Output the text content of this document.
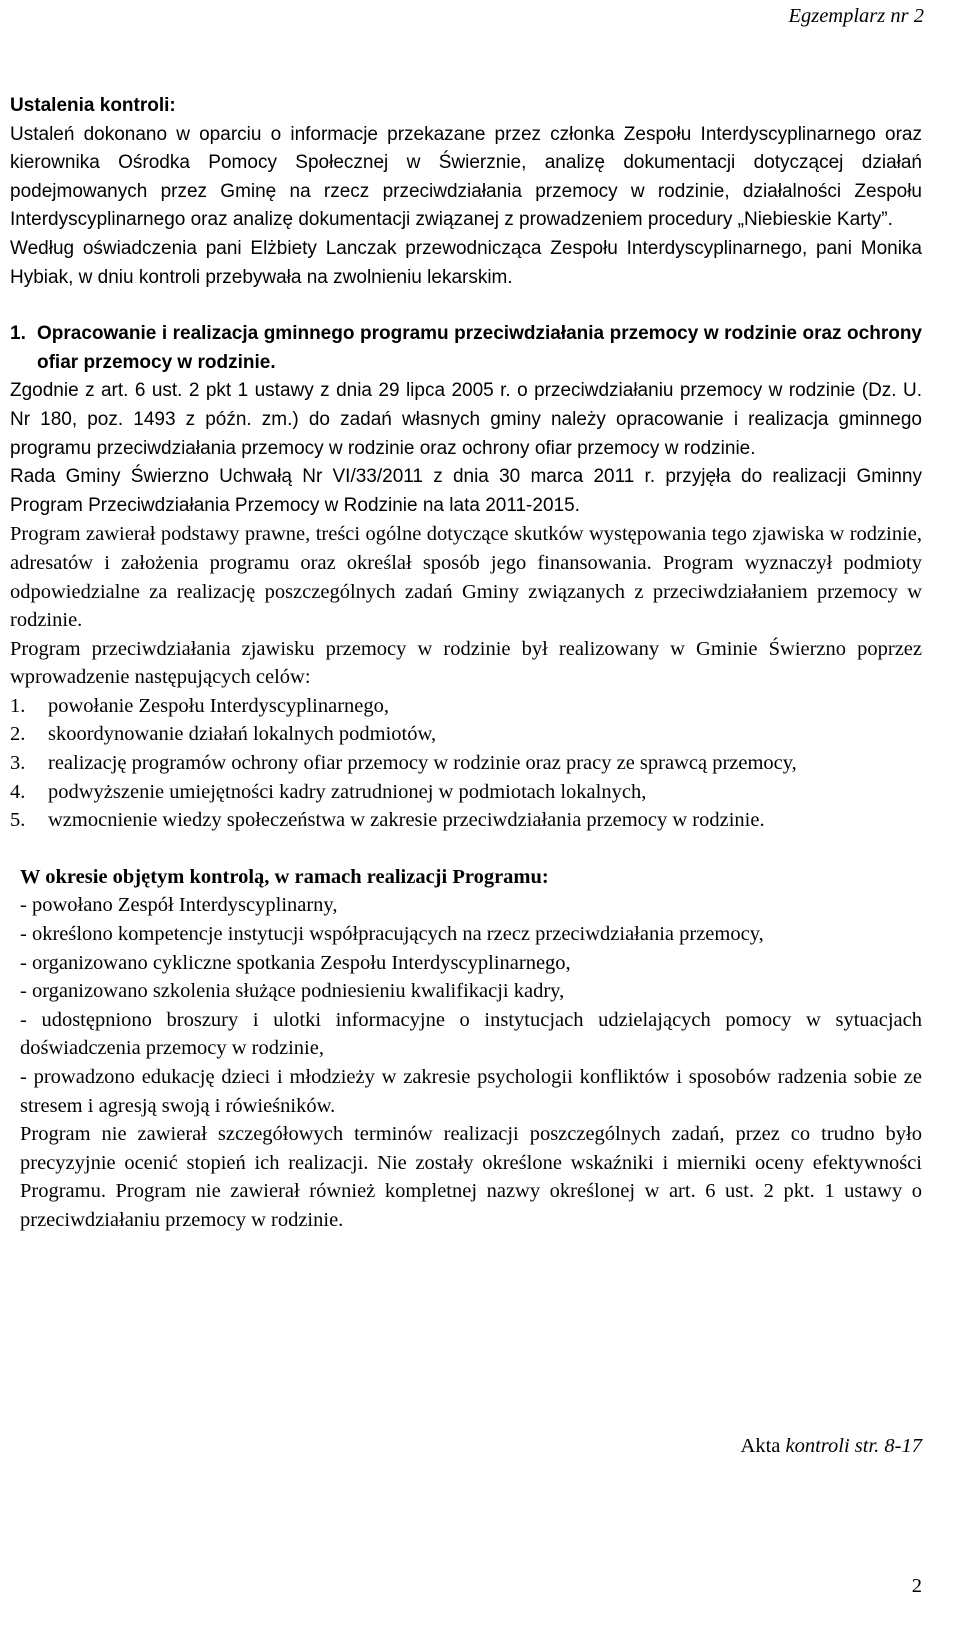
Egzemplarz nr 2

Ustalenia kontroli:

Ustaleń dokonano w oparciu o informacje przekazane przez członka Zespołu Interdyscyplinarnego oraz kierownika Ośrodka Pomocy Społecznej w Świerznie, analizę dokumentacji dotyczącej działań podejmowanych przez Gminę na rzecz przeciwdziałania przemocy w rodzinie, działalności Zespołu Interdyscyplinarnego oraz analizę dokumentacji związanej z prowadzeniem procedury „Niebieskie Karty”.

Według oświadczenia pani Elżbiety Lanczak przewodnicząca Zespołu Interdyscyplinarnego, pani Monika Hybiak, w dniu kontroli przebywała na zwolnieniu lekarskim.

1. Opracowanie i realizacja gminnego programu przeciwdziałania przemocy w rodzinie oraz ochrony ofiar przemocy w rodzinie.

Zgodnie z art. 6 ust. 2 pkt 1 ustawy z dnia 29 lipca 2005 r. o przeciwdziałaniu przemocy w rodzinie (Dz. U. Nr 180, poz. 1493 z późn. zm.) do zadań własnych gminy należy opracowanie i realizacja gminnego programu przeciwdziałania przemocy w rodzinie oraz ochrony ofiar przemocy w rodzinie.

Rada Gminy Świerzno Uchwałą Nr VI/33/2011 z dnia 30 marca 2011 r. przyjęła do realizacji Gminny Program Przeciwdziałania Przemocy w Rodzinie na lata 2011-2015.

Program zawierał podstawy prawne, treści ogólne dotyczące skutków występowania tego zjawiska w rodzinie, adresatów i założenia programu oraz określał sposób jego finansowania. Program wyznaczył podmioty odpowiedzialne za realizację poszczególnych zadań Gminy związanych z przeciwdziałaniem przemocy w rodzinie.

Program przeciwdziałania zjawisku przemocy w rodzinie był realizowany w Gminie Świerzno poprzez wprowadzenie następujących celów:

1. powołanie Zespołu Interdyscyplinarnego,
2. skoordynowanie działań lokalnych podmiotów,
3. realizację programów ochrony ofiar przemocy w rodzinie oraz pracy ze sprawcą przemocy,
4. podwyższenie umiejętności kadry zatrudnionej w podmiotach lokalnych,
5. wzmocnienie wiedzy społeczeństwa w zakresie przeciwdziałania przemocy w rodzinie.

W okresie objętym kontrolą, w ramach realizacji Programu:

- powołano Zespół Interdyscyplinarny,
- określono kompetencje instytucji współpracujących na rzecz przeciwdziałania przemocy,
- organizowano cykliczne spotkania Zespołu Interdyscyplinarnego,
- organizowano szkolenia służące podniesieniu kwalifikacji kadry,
- udostępniono broszury i ulotki informacyjne o instytucjach udzielających pomocy w sytuacjach doświadczenia przemocy w rodzinie,
- prowadzono edukację dzieci i młodzieży w zakresie psychologii konfliktów i sposobów radzenia sobie ze stresem i agresją swoją i rówieśników.

Program nie zawierał szczegółowych terminów realizacji poszczególnych zadań, przez co trudno było precyzyjnie ocenić stopień ich realizacji. Nie zostały określone wskaźniki i mierniki oceny efektywności Programu. Program nie zawierał również kompletnej nazwy określonej w art. 6 ust. 2 pkt. 1 ustawy o przeciwdziałaniu przemocy w rodzinie.

Akta kontroli str. 8-17
2
